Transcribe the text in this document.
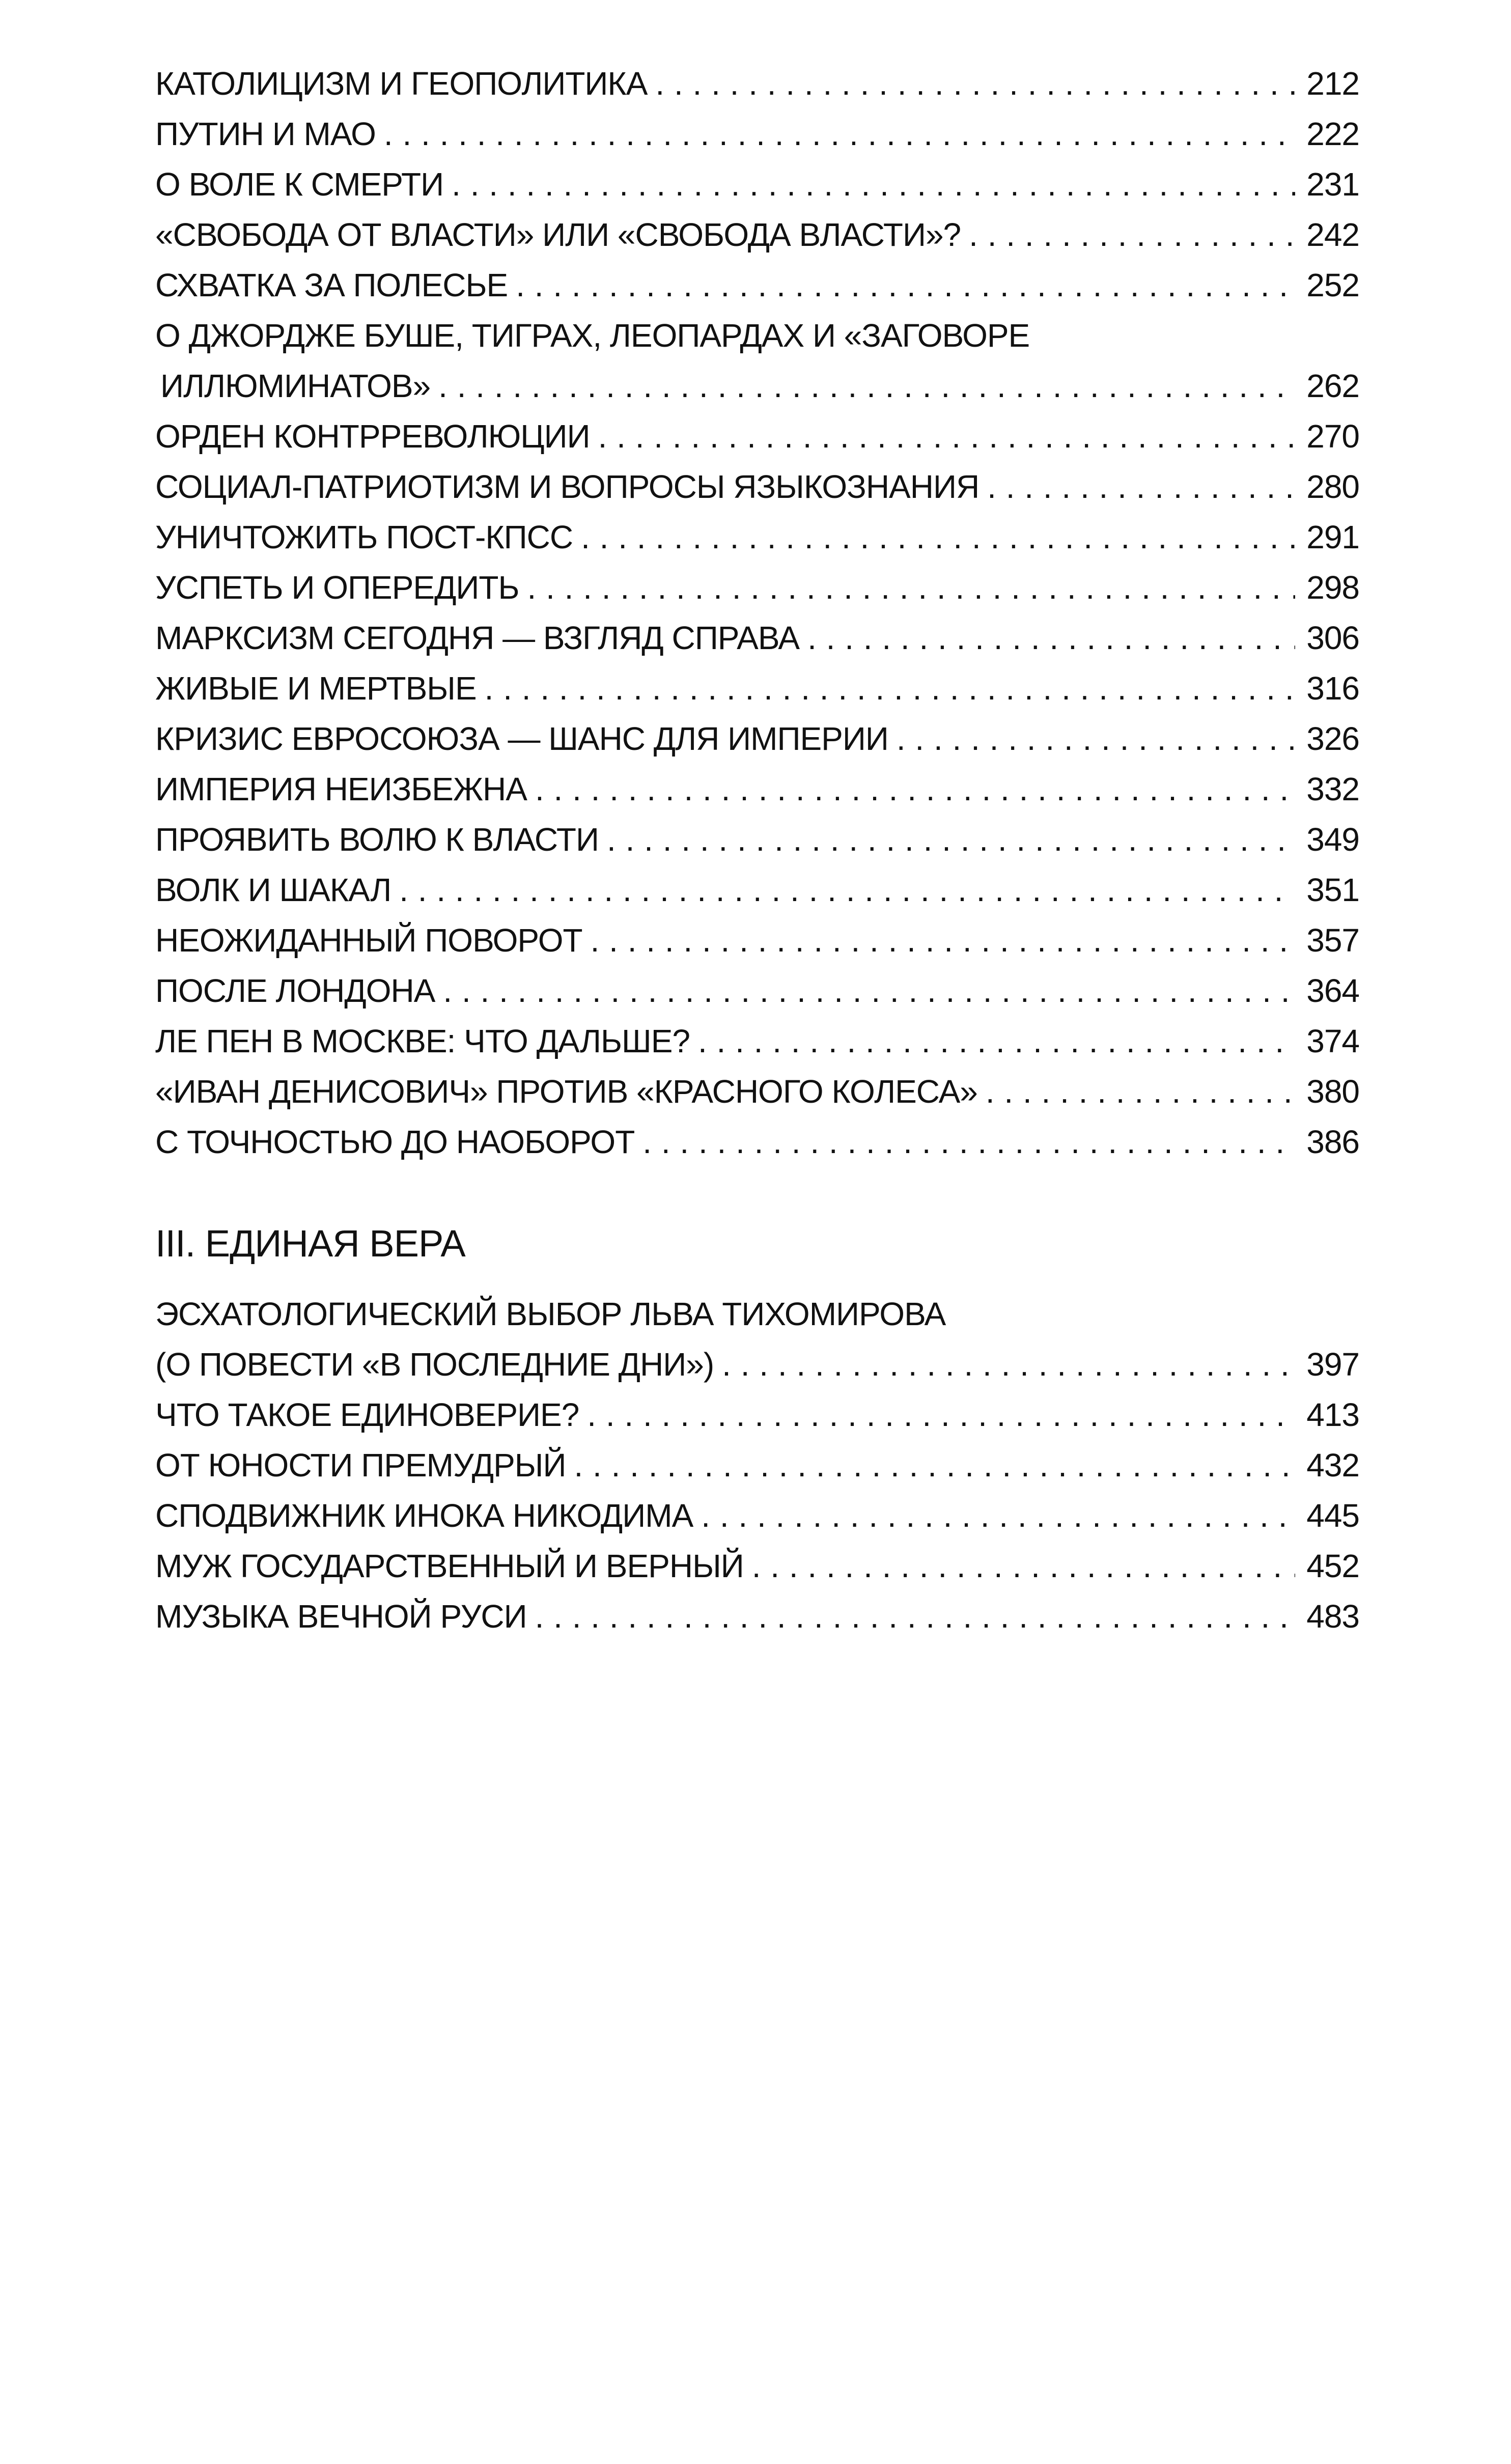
КАТОЛИЦИЗМ И ГЕОПОЛИТИКА . . .	212
ПУТИН И МАО . . .	222
О ВОЛЕ К СМЕРТИ . . .	231
«СВОБОДА ОТ ВЛАСТИ» ИЛИ «СВОБОДА ВЛАСТИ»? . . .	242
СХВАТКА ЗА ПОЛЕСЬЕ . . .	252
О ДЖОРДЖЕ БУШЕ, ТИГРАХ, ЛЕОПАРДАХ И «ЗАГОВОРЕ
ИЛЛЮМИНАТОВ» . . .	262
ОРДЕН КОНТРРЕВОЛЮЦИИ . . .	270
СОЦИАЛ-ПАТРИОТИЗМ И ВОПРОСЫ ЯЗЫКОЗНАНИЯ . . .	280
УНИЧТОЖИТЬ ПОСТ-КПСС . . .	291
УСПЕТЬ И ОПЕРЕДИТЬ . . .	298
МАРКСИЗМ СЕГОДНЯ — ВЗГЛЯД СПРАВА . . .	306
ЖИВЫЕ И МЕРТВЫЕ . . .	316
КРИЗИС ЕВРОСОЮЗА — ШАНС ДЛЯ ИМПЕРИИ . . .	326
ИМПЕРИЯ НЕИЗБЕЖНА . . .	332
ПРОЯВИТЬ ВОЛЮ К ВЛАСТИ . . .	349
ВОЛК И ШАКАЛ . . .	351
НЕОЖИДАННЫЙ ПОВОРОТ . . .	357
ПОСЛЕ ЛОНДОНА . . .	364
ЛЕ ПЕН В МОСКВЕ: ЧТО ДАЛЬШЕ? . . .	374
«ИВАН ДЕНИСОВИЧ» ПРОТИВ «КРАСНОГО КОЛЕСА» . . .	380
С ТОЧНОСТЬЮ ДО НАОБОРОТ . . .	386
III. ЕДИНАЯ ВЕРА
ЭСХАТОЛОГИЧЕСКИЙ ВЫБОР ЛЬВА ТИХОМИРОВА
(О ПОВЕСТИ «В ПОСЛЕДНИЕ ДНИ») . . .	397
ЧТО ТАКОЕ ЕДИНОВЕРИЕ? . . .	413
ОТ ЮНОСТИ ПРЕМУДРЫЙ . . .	432
СПОДВИЖНИК ИНОКА НИКОДИМА . . .	445
МУЖ ГОСУДАРСТВЕННЫЙ И ВЕРНЫЙ . . .	452
МУЗЫКА ВЕЧНОЙ РУСИ . . .	483
